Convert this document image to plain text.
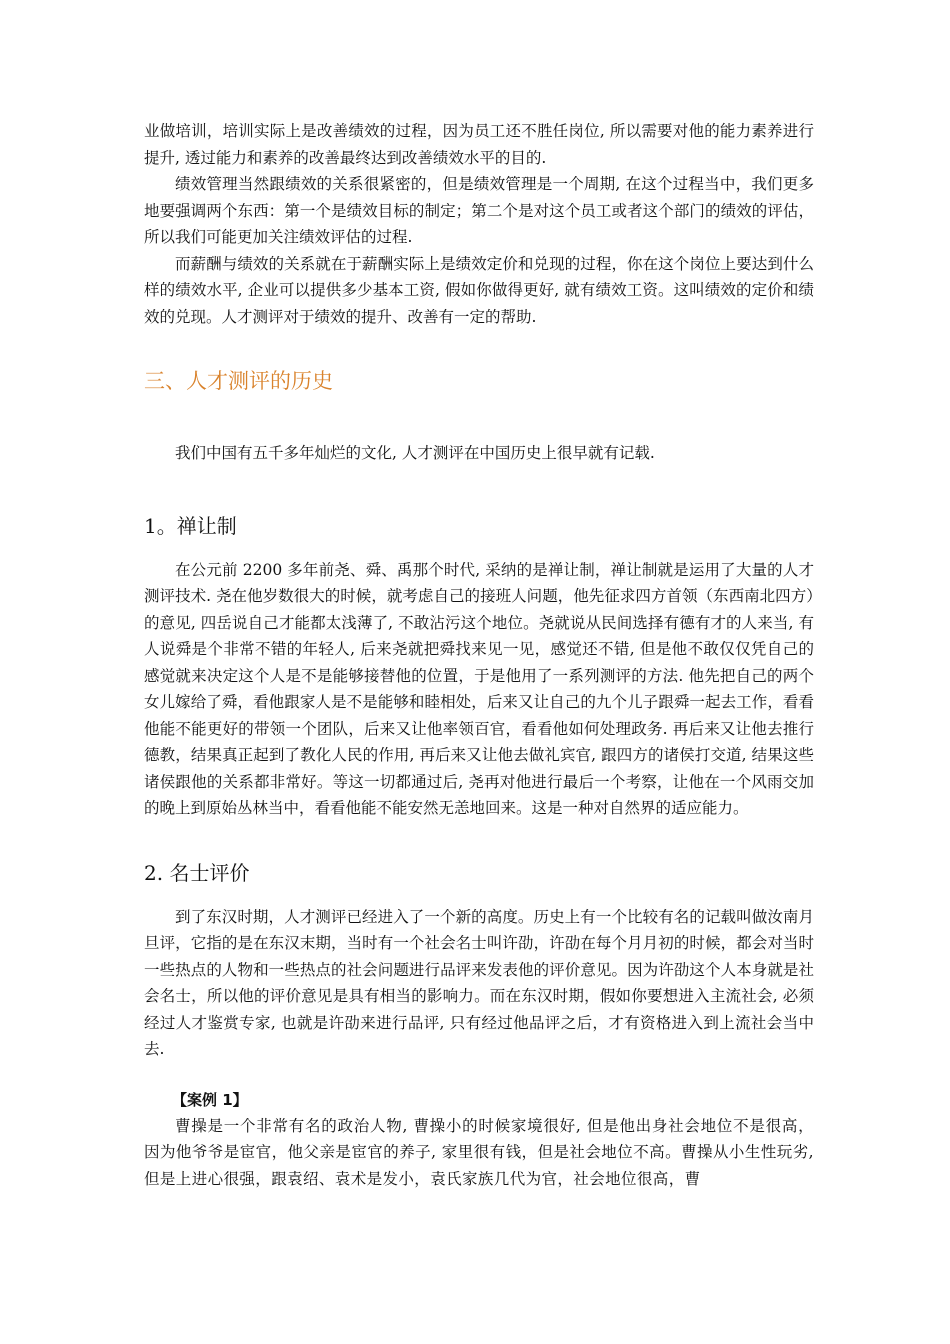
业做培训，培训实际上是改善绩效的过程，因为员工还不胜任岗位, 所以需要对他的能力素养进行提升, 透过能力和素养的改善最终达到改善绩效水平的目的.

绩效管理当然跟绩效的关系很紧密的，但是绩效管理是一个周期, 在这个过程当中，我们更多地要强调两个东西：第一个是绩效目标的制定；第二个是对这个员工或者这个部门的绩效的评估，所以我们可能更加关注绩效评估的过程.

而薪酬与绩效的关系就在于薪酬实际上是绩效定价和兑现的过程，你在这个岗位上要达到什么样的绩效水平, 企业可以提供多少基本工资, 假如你做得更好, 就有绩效工资。这叫绩效的定价和绩效的兑现。人才测评对于绩效的提升、改善有一定的帮助.

三、人才测评的历史

我们中国有五千多年灿烂的文化, 人才测评在中国历史上很早就有记载.

1。禅让制

在公元前 2200 多年前尧、舜、禹那个时代, 采纳的是禅让制，禅让制就是运用了大量的人才测评技术. 尧在他岁数很大的时候，就考虑自己的接班人问题，他先征求四方首领（东西南北四方）的意见, 四岳说自己才能都太浅薄了, 不敢沾污这个地位。尧就说从民间选择有德有才的人来当, 有人说舜是个非常不错的年轻人, 后来尧就把舜找来见一见，感觉还不错, 但是他不敢仅仅凭自己的感觉就来决定这个人是不是能够接替他的位置，于是他用了一系列测评的方法. 他先把自己的两个女儿嫁给了舜，看他跟家人是不是能够和睦相处，后来又让自己的九个儿子跟舜一起去工作，看看他能不能更好的带领一个团队，后来又让他率领百官，看看他如何处理政务. 再后来又让他去推行德教，结果真正起到了教化人民的作用, 再后来又让他去做礼宾官, 跟四方的诸侯打交道, 结果这些诸侯跟他的关系都非常好。等这一切都通过后, 尧再对他进行最后一个考察，让他在一个风雨交加的晚上到原始丛林当中，看看他能不能安然无恙地回来。这是一种对自然界的适应能力。

2. 名士评价

到了东汉时期，人才测评已经进入了一个新的高度。历史上有一个比较有名的记载叫做汝南月旦评，它指的是在东汉末期，当时有一个社会名士叫许劭，许劭在每个月月初的时候，都会对当时一些热点的人物和一些热点的社会问题进行品评来发表他的评价意见。因为许劭这个人本身就是社会名士，所以他的评价意见是具有相当的影响力。而在东汉时期，假如你要想进入主流社会, 必须经过人才鉴赏专家, 也就是许劭来进行品评, 只有经过他品评之后，才有资格进入到上流社会当中去.

【案例 1】

曹操是一个非常有名的政治人物, 曹操小的时候家境很好, 但是他出身社会地位不是很高，因为他爷爷是宦官，他父亲是宦官的养子, 家里很有钱，但是社会地位不高。曹操从小生性玩劣, 但是上进心很强，跟袁绍、袁术是发小，袁氏家族几代为官，社会地位很高，曹
